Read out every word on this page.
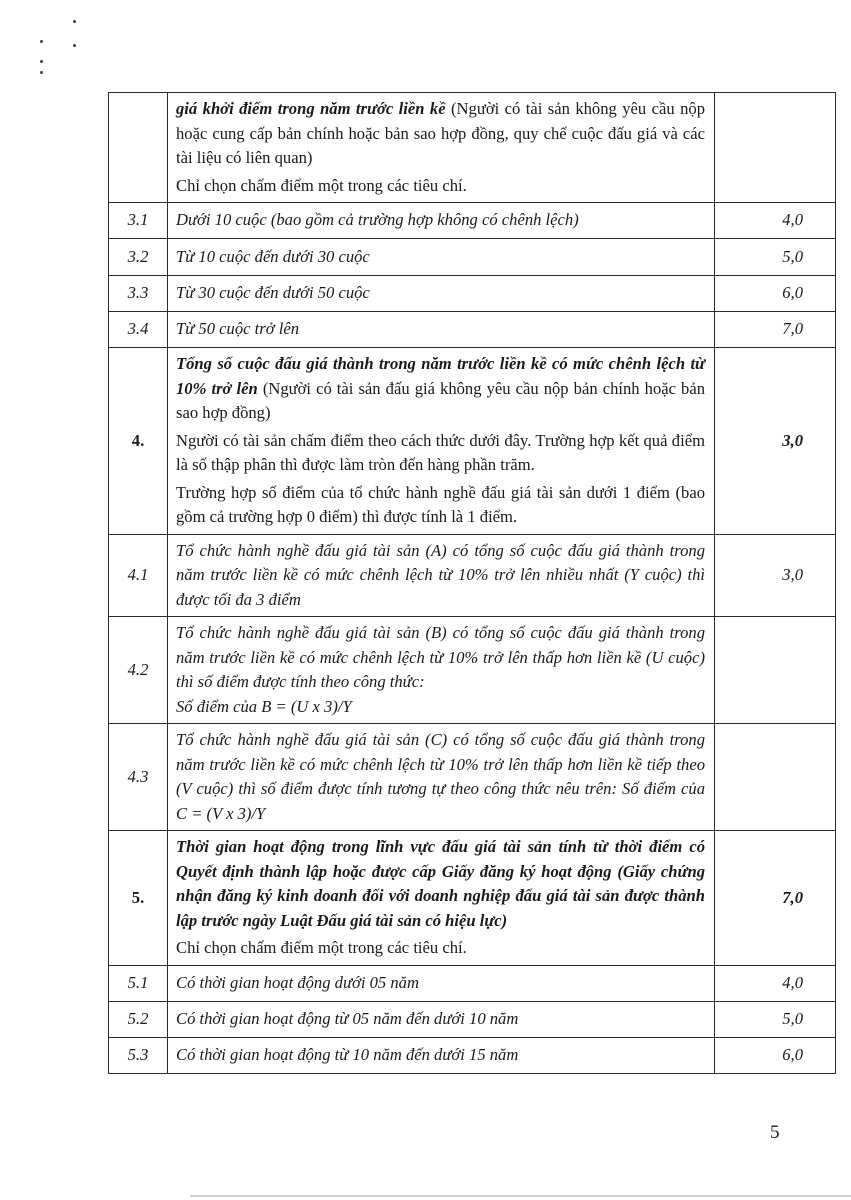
	giá khởi điểm trong năm trước liền kề (Người có tài sản không yêu cầu nộp hoặc cung cấp bản chính hoặc bản sao hợp đồng, quy chế cuộc đấu giá và các tài liệu có liên quan)

Chỉ chọn chấm điểm một trong các tiêu chí.	

3.1	Dưới 10 cuộc (bao gồm cả trường hợp không có chênh lệch)	4,0
3.2	Từ 10 cuộc đến dưới 30 cuộc	5,0
3.3	Từ 30 cuộc đến dưới 50 cuộc	6,0
3.4	Từ 50 cuộc trở lên	7,0
4.	Tổng số cuộc đấu giá thành trong năm trước liền kề có mức chênh lệch từ 10% trở lên (Người có tài sản đấu giá không yêu cầu nộp bản chính hoặc bản sao hợp đồng)

Người có tài sản chấm điểm theo cách thức dưới đây. Trường hợp kết quả điểm là số thập phân thì được làm tròn đến hàng phần trăm.

Trường hợp số điểm của tổ chức hành nghề đấu giá tài sản dưới 1 điểm (bao gồm cả trường hợp 0 điểm) thì được tính là 1 điểm.	3,0
4.1	Tổ chức hành nghề đấu giá tài sản (A) có tổng số cuộc đấu giá thành trong năm trước liền kề có mức chênh lệch từ 10% trở lên nhiều nhất (Y cuộc) thì được tối đa 3 điểm	3,0
4.2	Tổ chức hành nghề đấu giá tài sản (B) có tổng số cuộc đấu giá thành trong năm trước liền kề có mức chênh lệch từ 10% trở lên thấp hơn liền kề (U cuộc) thì số điểm được tính theo công thức:

Số điểm của B = (U x 3)/Y	

4.3	Tổ chức hành nghề đấu giá tài sản (C) có tổng số cuộc đấu giá thành trong năm trước liền kề có mức chênh lệch từ 10% trở lên thấp hơn liền kề tiếp theo (V cuộc) thì số điểm được tính tương tự theo công thức nêu trên: Số điểm của C = (V x 3)/Y	
5.	Thời gian hoạt động trong lĩnh vực đấu giá tài sản tính từ thời điểm có Quyết định thành lập hoặc được cấp Giấy đăng ký hoạt động (Giấy chứng nhận đăng ký kinh doanh đối với doanh nghiệp đấu giá tài sản được thành lập trước ngày Luật Đấu giá tài sản có hiệu lực)

Chỉ chọn chấm điểm một trong các tiêu chí.	7,0
5.1	Có thời gian hoạt động dưới 05 năm	4,0
5.2	Có thời gian hoạt động từ 05 năm đến dưới 10 năm	5,0
5.3	Có thời gian hoạt động từ 10 năm đến dưới 15 năm	6,0
5
